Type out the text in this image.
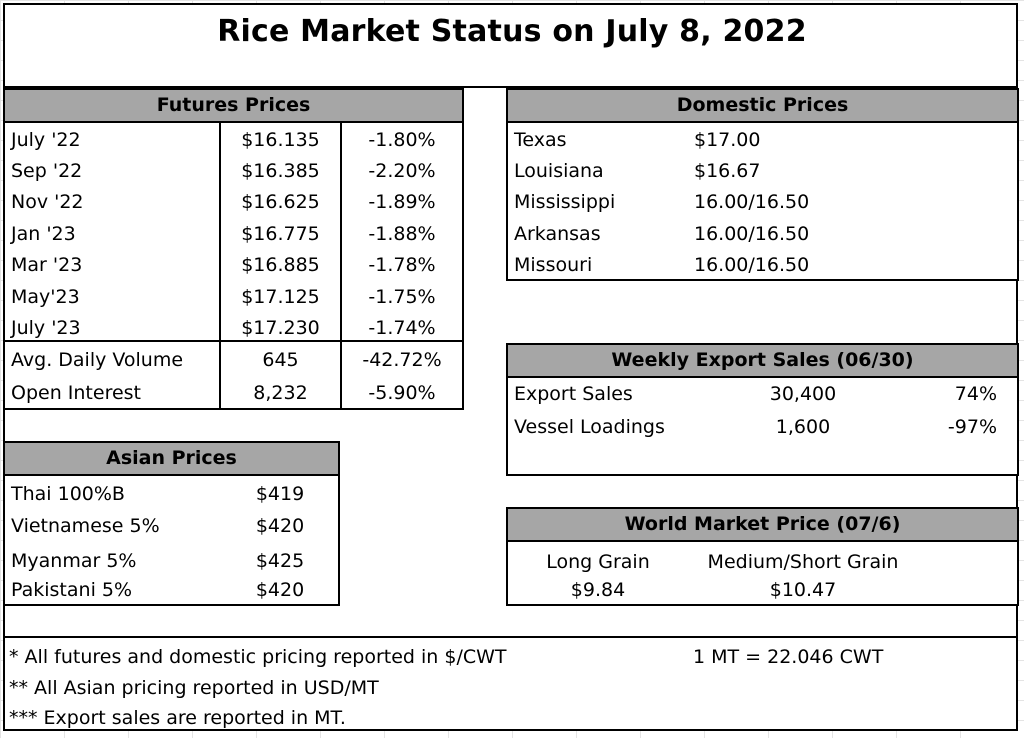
Rice Market Status on July 8, 2022
Futures Prices
July '22	$16.135	-1.80%
Sep '22	$16.385	-2.20%
Nov '22	$16.625	-1.89%
Jan '23	$16.775	-1.88%
Mar '23	$16.885	-1.78%
May'23	$17.125	-1.75%
July '23	$17.230	-1.74%
Avg. Daily Volume	645	-42.72%
Open Interest	8,232	-5.90%
Domestic Prices
Texas	$17.00
Louisiana	$16.67
Mississippi	16.00/16.50
Arkansas	16.00/16.50
Missouri	16.00/16.50
Weekly Export Sales (06/30)
Export Sales	30,400	74%
Vessel Loadings	1,600	-97%
Asian Prices
Thai 100%B	$419
Vietnamese 5%	$420
Myanmar 5%	$425
Pakistani 5%	$420
World Market Price (07/6)
Long Grain	Medium/Short Grain
$9.84	$10.47
* All futures and domestic pricing reported in $/CWT	1 MT = 22.046 CWT
** All Asian pricing reported in USD/MT
*** Export sales are reported in MT.
